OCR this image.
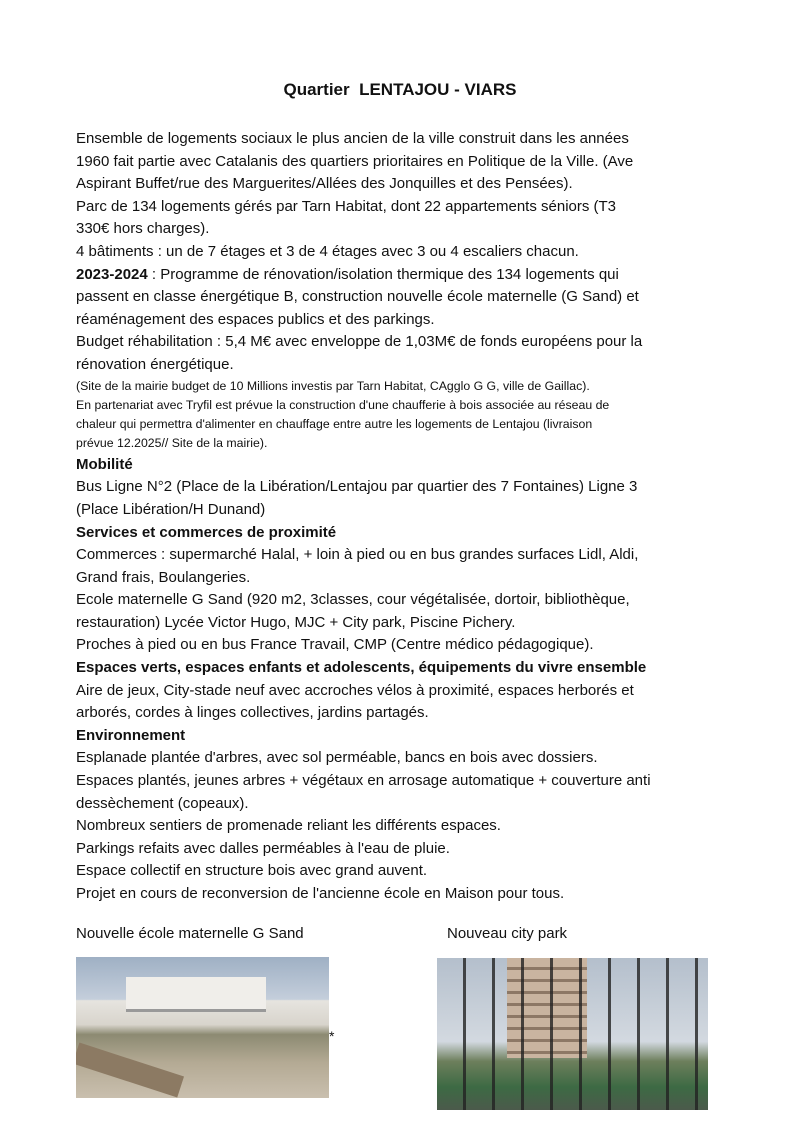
Quartier  LENTAJOU - VIARS
Ensemble de logements sociaux le plus ancien de la ville construit dans les années
1960 fait partie avec Catalanis des quartiers prioritaires en Politique de la Ville. (Ave
Aspirant Buffet/rue des Marguerites/Allées des Jonquilles et des Pensées).
Parc de 134 logements gérés par Tarn Habitat, dont 22 appartements séniors (T3
330€ hors charges).
4 bâtiments : un de 7 étages et 3 de 4 étages avec 3 ou 4 escaliers chacun.
2023-2024 : Programme de rénovation/isolation thermique des 134 logements qui
passent en classe énergétique B, construction nouvelle école maternelle (G Sand) et
réaménagement des espaces publics et des parkings.
Budget réhabilitation : 5,4 M€ avec enveloppe de 1,03M€ de fonds européens pour la
rénovation énergétique.
(Site de la mairie budget de 10 Millions investis par Tarn Habitat, CAgglo G G, ville de Gaillac).
En partenariat avec Tryfil est prévue la construction d'une chaufferie à bois associée au réseau de
chaleur qui permettra d'alimenter en chauffage entre autre les logements de Lentajou (livraison
prévue 12.2025// Site de la mairie).
Mobilité
Bus Ligne N°2 (Place de la Libération/Lentajou par quartier des 7 Fontaines) Ligne 3
(Place Libération/H Dunand)
Services et commerces de proximité
Commerces : supermarché Halal, + loin à pied ou en bus grandes surfaces Lidl, Aldi,
Grand frais, Boulangeries.
Ecole maternelle G Sand (920 m2, 3classes, cour végétalisée, dortoir, bibliothèque,
restauration) Lycée Victor Hugo, MJC + City park, Piscine Pichery.
Proches à pied ou en bus France Travail, CMP (Centre médico pédagogique).
Espaces verts, espaces enfants et adolescents, équipements du vivre ensemble
Aire de jeux, City-stade neuf avec accroches vélos à proximité, espaces herborés et
arborés, cordes à linges collectives, jardins partagés.
Environnement
Esplanade plantée d'arbres, avec sol perméable, bancs en bois avec dossiers.
Espaces plantés, jeunes arbres + végétaux en arrosage automatique + couverture anti
dessèchement (copeaux).
Nombreux sentiers de promenade reliant les différents espaces.
Parkings refaits avec dalles perméables à l'eau de pluie.
Espace collectif en structure bois avec grand auvent.
Projet en cours de reconversion de l'ancienne école en Maison pour tous.
Nouvelle école maternelle G Sand	Nouveau city park
*
